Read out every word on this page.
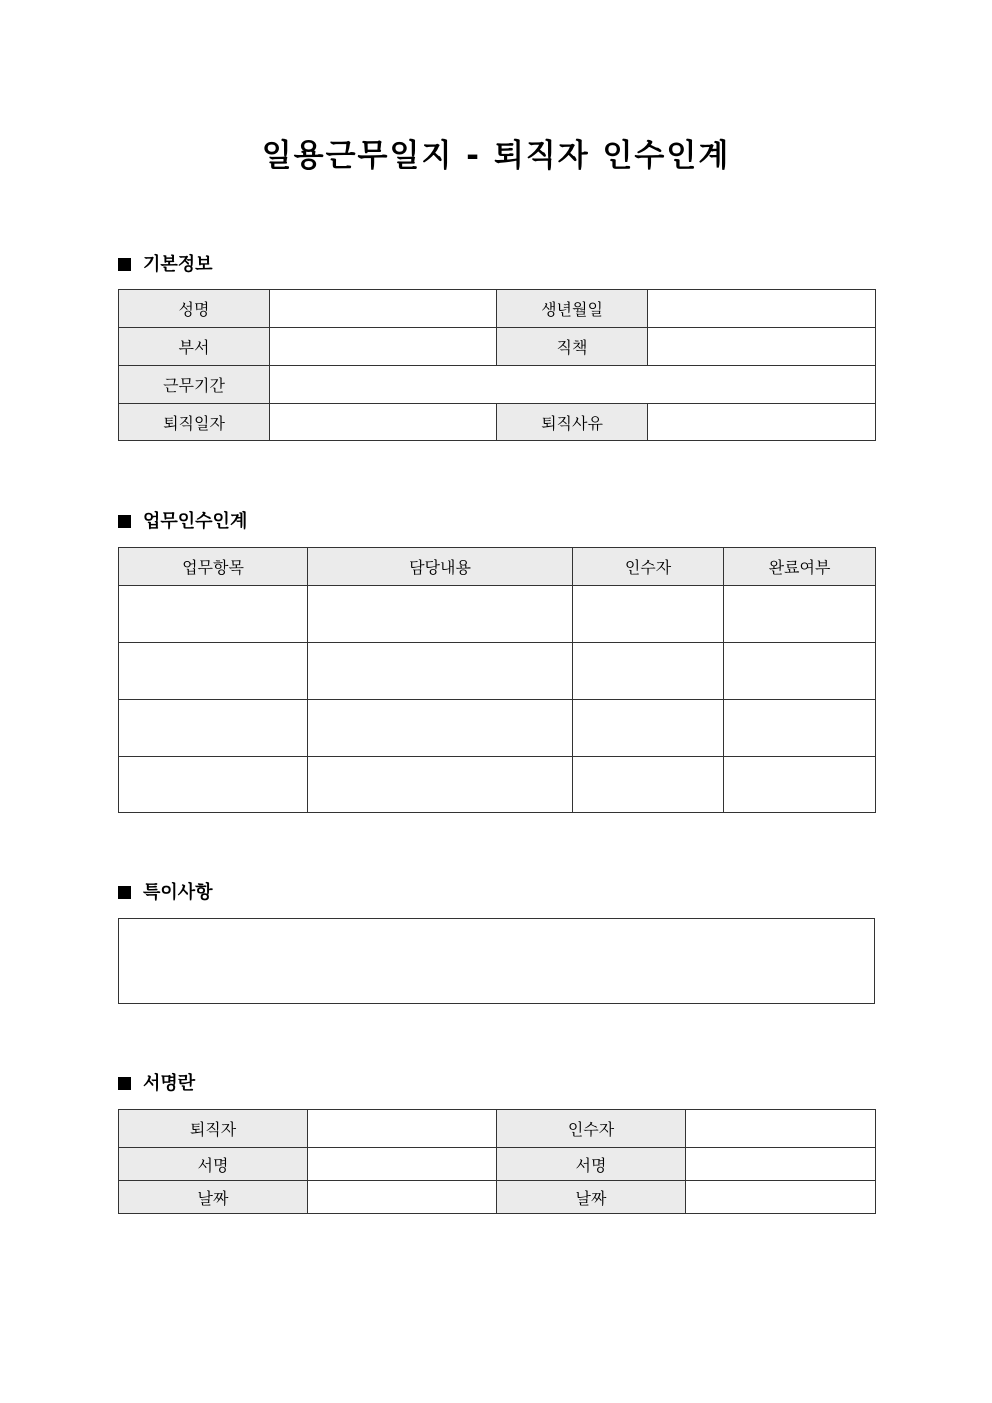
일용근무일지 - 퇴직자 인수인계
기본정보
성명		생년월일	
부서		직책	
근무기간			
퇴직일자		퇴직사유	
업무인수인계
업무항목	담당내용	인수자	완료여부

특이사항
서명란
퇴직자		인수자	
서명		서명	
날짜		날짜	
